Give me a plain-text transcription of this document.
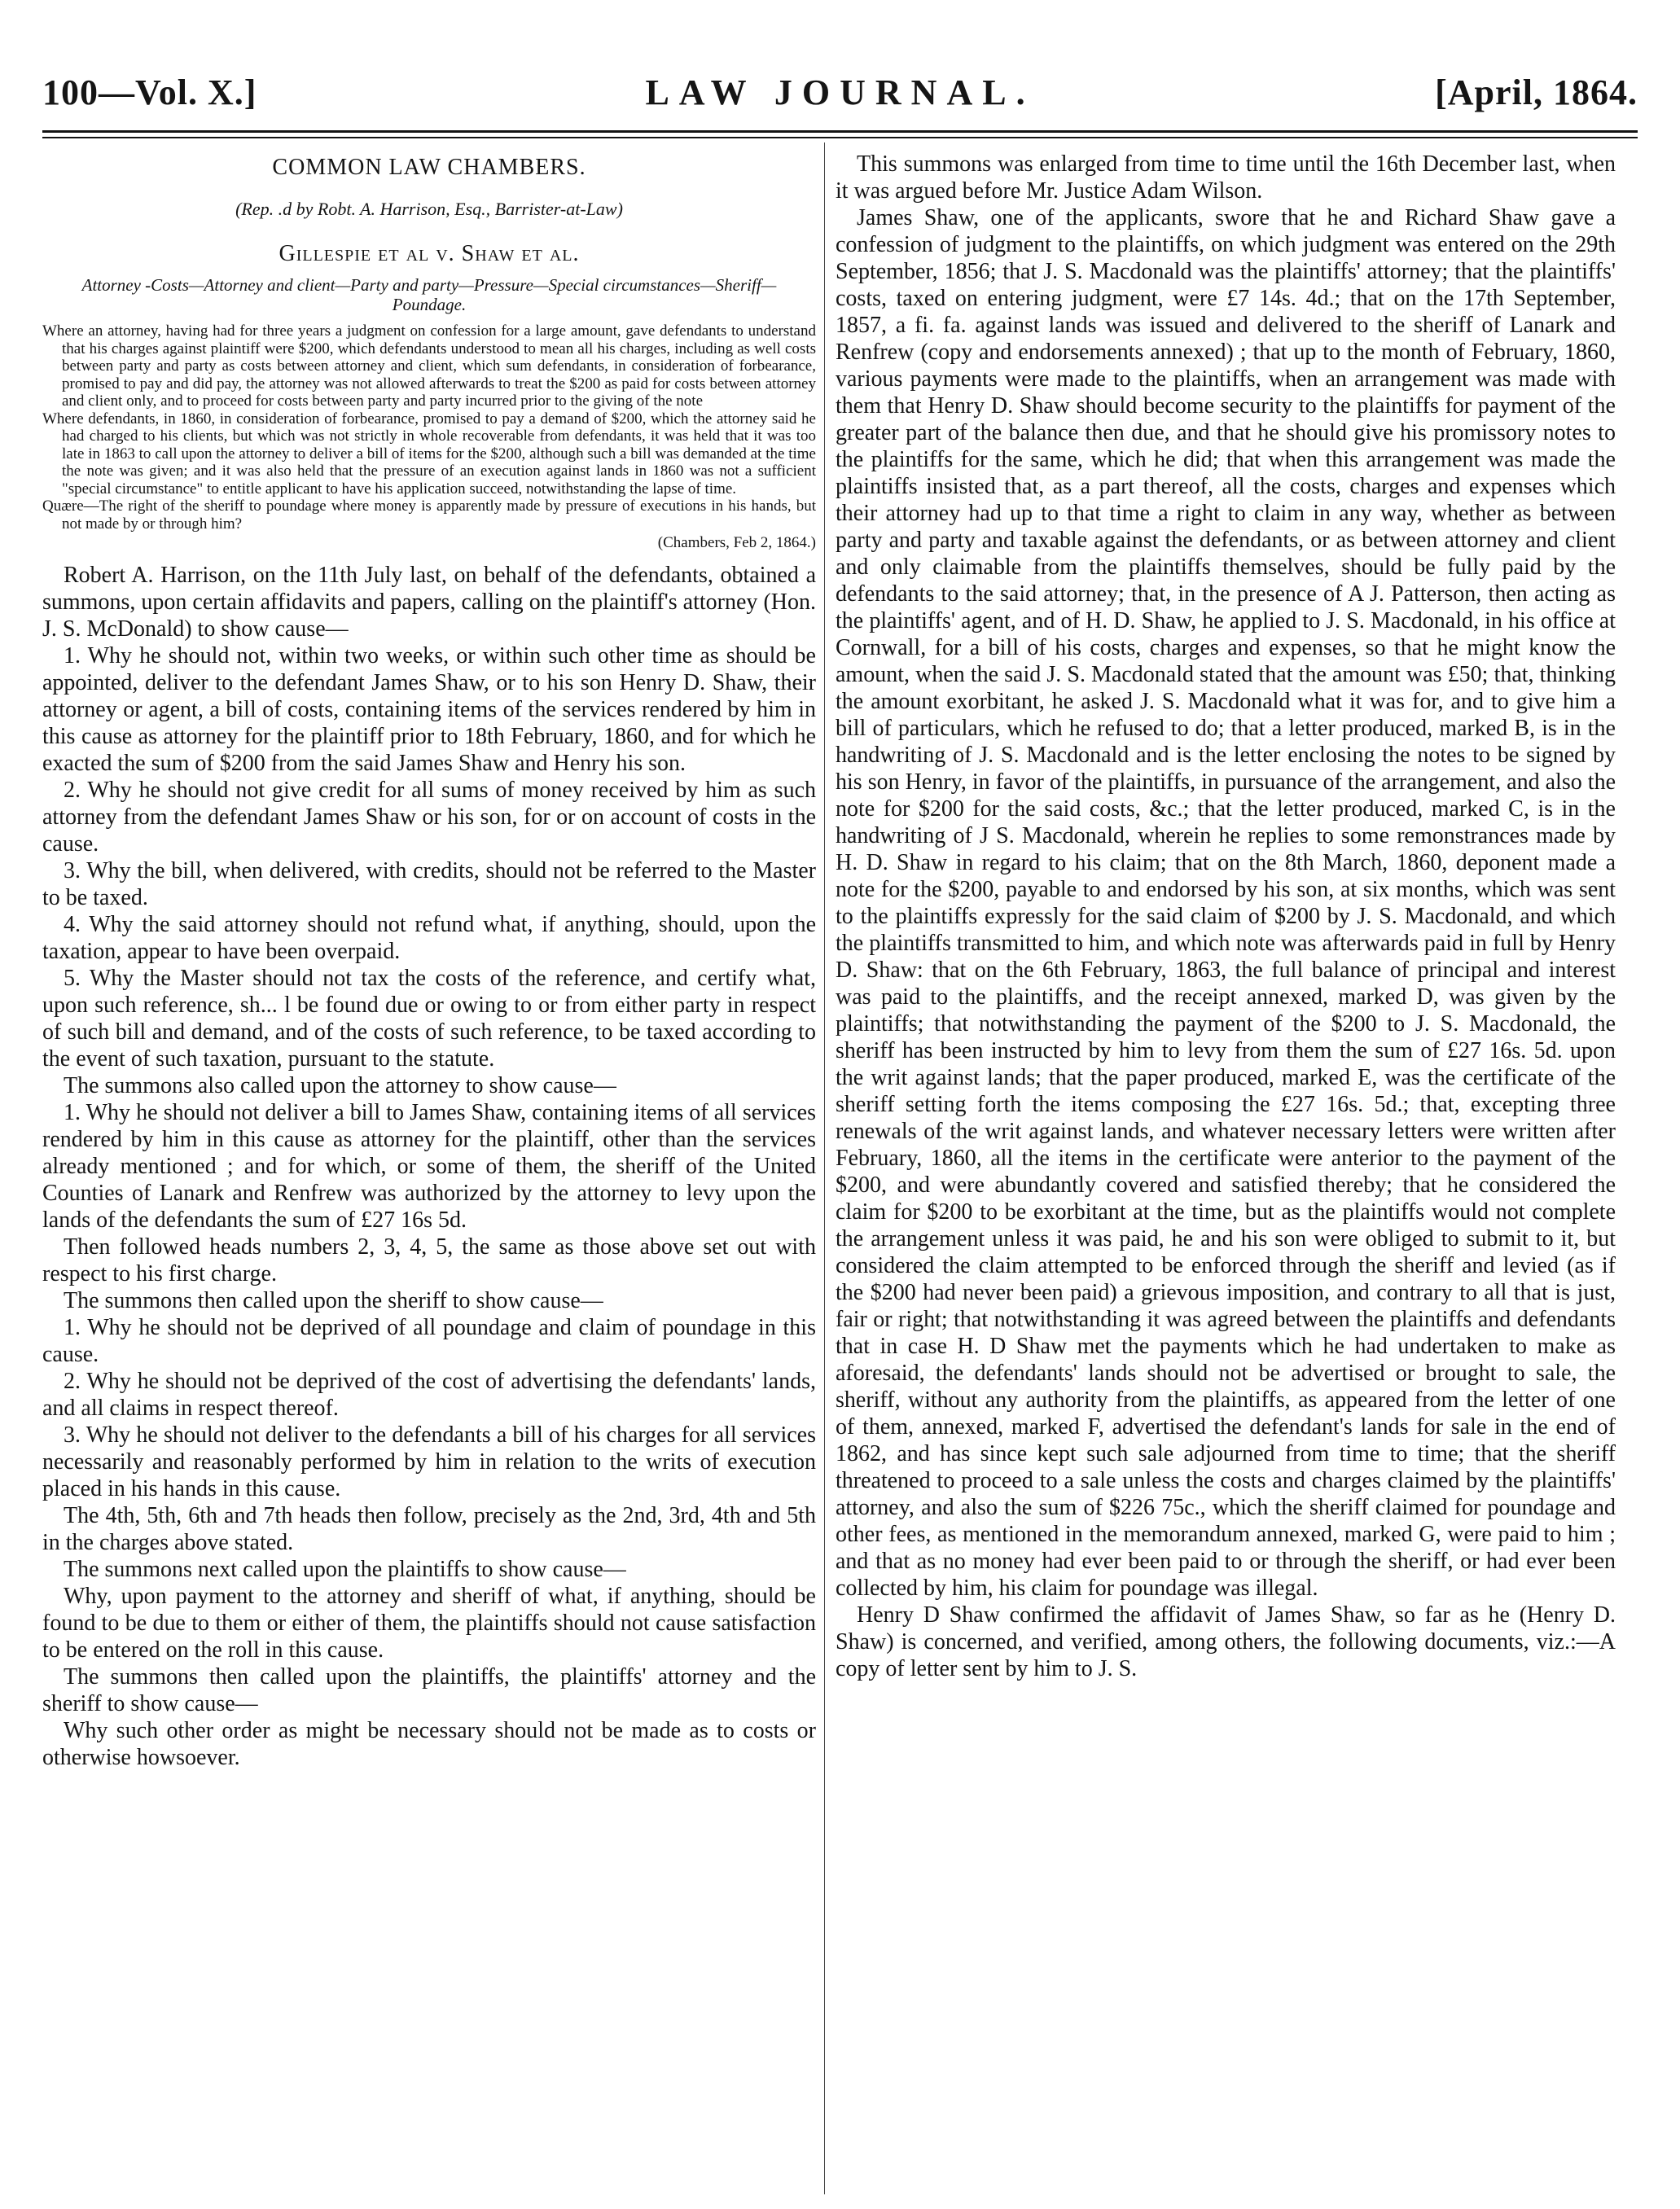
100—Vol. X.]	LAW JOURNAL.	[April, 1864.

COMMON LAW CHAMBERS.

(Rep. .d by Robt. A. Harrison, Esq., Barrister-at-Law)

Gillespie et al v. Shaw et al.

Attorney -Costs—Attorney and client—Party and party—Pressure—Special circumstances—Sheriff—Poundage.

Where an attorney, having had for three years a judgment on confession for a large amount, gave defendants to understand that his charges against plaintiff were $200, which defendants understood to mean all his charges, including as well costs between party and party as costs between attorney and client, which sum defendants, in consideration of forbearance, promised to pay and did pay, the attorney was not allowed afterwards to treat the $200 as paid for costs between attorney and client only, and to proceed for costs between party and party incurred prior to the giving of the note

Where defendants, in 1860, in consideration of forbearance, promised to pay a demand of $200, which the attorney said he had charged to his clients, but which was not strictly in whole recoverable from defendants, it was held that it was too late in 1863 to call upon the attorney to deliver a bill of items for the $200, although such a bill was demanded at the time the note was given; and it was also held that the pressure of an execution against lands in 1860 was not a sufficient "special circumstance" to entitle applicant to have his application succeed, notwithstanding the lapse of time.

Quære—The right of the sheriff to poundage where money is apparently made by pressure of executions in his hands, but not made by or through him?

(Chambers, Feb 2, 1864.)

Robert A. Harrison, on the 11th July last, on behalf of the defendants, obtained a summons, upon certain affidavits and papers, calling on the plaintiff's attorney (Hon. J. S. McDonald) to show cause—

1. Why he should not, within two weeks, or within such other time as should be appointed, deliver to the defendant James Shaw, or to his son Henry D. Shaw, their attorney or agent, a bill of costs, containing items of the services rendered by him in this cause as attorney for the plaintiff prior to 18th February, 1860, and for which he exacted the sum of $200 from the said James Shaw and Henry his son.

2. Why he should not give credit for all sums of money received by him as such attorney from the defendant James Shaw or his son, for or on account of costs in the cause.

3. Why the bill, when delivered, with credits, should not be referred to the Master to be taxed.

4. Why the said attorney should not refund what, if anything, should, upon the taxation, appear to have been overpaid.

5. Why the Master should not tax the costs of the reference, and certify what, upon such reference, sh... l be found due or owing to or from either party in respect of such bill and demand, and of the costs of such reference, to be taxed according to the event of such taxation, pursuant to the statute.

The summons also called upon the attorney to show cause—

1. Why he should not deliver a bill to James Shaw, containing items of all services rendered by him in this cause as attorney for the plaintiff, other than the services already mentioned ; and for which, or some of them, the sheriff of the United Counties of Lanark and Renfrew was authorized by the attorney to levy upon the lands of the defendants the sum of £27 16s 5d.

Then followed heads numbers 2, 3, 4, 5, the same as those above set out with respect to his first charge.

The summons then called upon the sheriff to show cause—

1. Why he should not be deprived of all poundage and claim of poundage in this cause.

2. Why he should not be deprived of the cost of advertising the defendants' lands, and all claims in respect thereof.

3. Why he should not deliver to the defendants a bill of his charges for all services necessarily and reasonably performed by him in relation to the writs of execution placed in his hands in this cause.

The 4th, 5th, 6th and 7th heads then follow, precisely as the 2nd, 3rd, 4th and 5th in the charges above stated.

The summons next called upon the plaintiffs to show cause—

Why, upon payment to the attorney and sheriff of what, if anything, should be found to be due to them or either of them, the plaintiffs should not cause satisfaction to be entered on the roll in this cause.

The summons then called upon the plaintiffs, the plaintiffs' attorney and the sheriff to show cause—

Why such other order as might be necessary should not be made as to costs or otherwise howsoever.

This summons was enlarged from time to time until the 16th December last, when it was argued before Mr. Justice Adam Wilson.

James Shaw, one of the applicants, swore that he and Richard Shaw gave a confession of judgment to the plaintiffs, on which judgment was entered on the 29th September, 1856; that J. S. Macdonald was the plaintiffs' attorney; that the plaintiffs' costs, taxed on entering judgment, were £7 14s. 4d.; that on the 17th September, 1857, a fi. fa. against lands was issued and delivered to the sheriff of Lanark and Renfrew (copy and endorsements annexed) ; that up to the month of February, 1860, various payments were made to the plaintiffs, when an arrangement was made with them that Henry D. Shaw should become security to the plaintiffs for payment of the greater part of the balance then due, and that he should give his promissory notes to the plaintiffs for the same, which he did; that when this arrangement was made the plaintiffs insisted that, as a part thereof, all the costs, charges and expenses which their attorney had up to that time a right to claim in any way, whether as between party and party and taxable against the defendants, or as between attorney and client and only claimable from the plaintiffs themselves, should be fully paid by the defendants to the said attorney; that, in the presence of A J. Patterson, then acting as the plaintiffs' agent, and of H. D. Shaw, he applied to J. S. Macdonald, in his office at Cornwall, for a bill of his costs, charges and expenses, so that he might know the amount, when the said J. S. Macdonald stated that the amount was £50; that, thinking the amount exorbitant, he asked J. S. Macdonald what it was for, and to give him a bill of particulars, which he refused to do; that a letter produced, marked B, is in the handwriting of J. S. Macdonald and is the letter enclosing the notes to be signed by his son Henry, in favor of the plaintiffs, in pursuance of the arrangement, and also the note for $200 for the said costs, &c.; that the letter produced, marked C, is in the handwriting of J S. Macdonald, wherein he replies to some remonstrances made by H. D. Shaw in regard to his claim; that on the 8th March, 1860, deponent made a note for the $200, payable to and endorsed by his son, at six months, which was sent to the plaintiffs expressly for the said claim of $200 by J. S. Macdonald, and which the plaintiffs transmitted to him, and which note was afterwards paid in full by Henry D. Shaw: that on the 6th February, 1863, the full balance of principal and interest was paid to the plaintiffs, and the receipt annexed, marked D, was given by the plaintiffs; that notwithstanding the payment of the $200 to J. S. Macdonald, the sheriff has been instructed by him to levy from them the sum of £27 16s. 5d. upon the writ against lands; that the paper produced, marked E, was the certificate of the sheriff setting forth the items composing the £27 16s. 5d.; that, excepting three renewals of the writ against lands, and whatever necessary letters were written after February, 1860, all the items in the certificate were anterior to the payment of the $200, and were abundantly covered and satisfied thereby; that he considered the claim for $200 to be exorbitant at the time, but as the plaintiffs would not complete the arrangement unless it was paid, he and his son were obliged to submit to it, but considered the claim attempted to be enforced through the sheriff and levied (as if the $200 had never been paid) a grievous imposition, and contrary to all that is just, fair or right; that notwithstanding it was agreed between the plaintiffs and defendants that in case H. D Shaw met the payments which he had undertaken to make as aforesaid, the defendants' lands should not be advertised or brought to sale, the sheriff, without any authority from the plaintiffs, as appeared from the letter of one of them, annexed, marked F, advertised the defendant's lands for sale in the end of 1862, and has since kept such sale adjourned from time to time; that the sheriff threatened to proceed to a sale unless the costs and charges claimed by the plaintiffs' attorney, and also the sum of $226 75c., which the sheriff claimed for poundage and other fees, as mentioned in the memorandum annexed, marked G, were paid to him ; and that as no money had ever been paid to or through the sheriff, or had ever been collected by him, his claim for poundage was illegal.

Henry D Shaw confirmed the affidavit of James Shaw, so far as he (Henry D. Shaw) is concerned, and verified, among others, the following documents, viz.:—A copy of letter sent by him to J. S.
